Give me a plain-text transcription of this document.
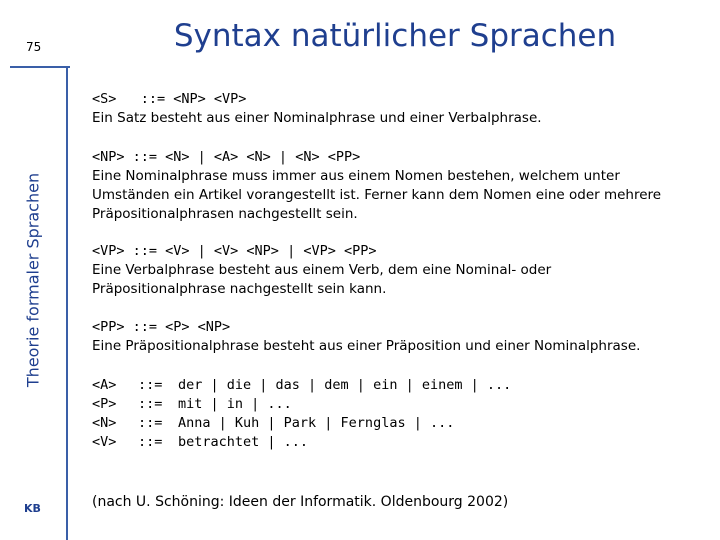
75	Syntax natürlicher Sprachen
Theorie formaler Sprachen
KB
<S>   ::= <NP> <VP>
Ein Satz besteht aus einer Nominalphrase und einer Verbalphrase.
<NP> ::= <N> | <A> <N> | <N> <PP>
Eine Nominalphrase muss immer aus einem Nomen bestehen, welchem unter
Umständen ein Artikel vorangestellt ist. Ferner kann dem Nomen eine oder mehrere
Präpositionalphrasen nachgestellt sein.
<VP> ::= <V> | <V> <NP> | <VP> <PP>
Eine Verbalphrase besteht aus einem Verb, dem eine Nominal- oder
Präpositionalphrase nachgestellt sein kann.
<PP> ::= <P> <NP>
Eine Präpositionalphrase besteht aus einer Präposition und einer Nominalphrase.
<A>	::=	der | die | das | dem | ein | einem | ...
<P>	::=	mit | in | ...
<N>	::=	Anna | Kuh | Park | Fernglas | ...
<V>	::=	betrachtet | ...
(nach U. Schöning: Ideen der Informatik. Oldenbourg 2002)
